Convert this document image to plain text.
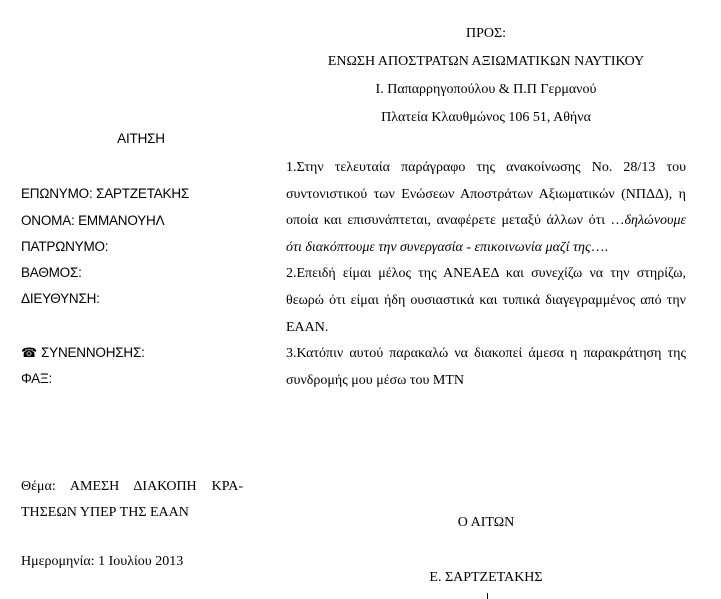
ΠΡΟΣ:
ΕΝΩΣΗ ΑΠΟΣΤΡΑΤΩΝ ΑΞΙΩΜΑΤΙΚΩΝ ΝΑΥΤΙΚΟΥ
Ι. Παπαρρηγοπούλου & Π.Π Γερμανού
Πλατεία Κλαυθμώνος 106 51, Αθήνα
ΑΙΤΗΣΗ
ΕΠΩΝΥΜΟ: ΣΑΡΤΖΕΤΑΚΗΣ
ΟΝΟΜΑ: ΕΜΜΑΝΟΥΗΛ
ΠΑΤΡΩΝΥΜΟ:
ΒΑΘΜΟΣ:
ΔΙΕΥΘΥΝΣΗ:
☎ ΣΥΝΕΝΝΟΗΣΗΣ:
ΦΑΞ:

1.Στην τελευταία παράγραφο της ανακοίνωσης Νο. 28/13 του συντονιστικού των Ενώσεων Αποστράτων Αξιωματικών (ΝΠΔΔ), η οποία και επισυνάπτεται, αναφέρετε μεταξύ άλλων ότι …δηλώνουμε ότι διακόπτουμε την συνεργασία - επικοινωνία μαζί της….

2.Επειδή είμαι μέλος της ΑΝΕΑΕΔ και συνεχίζω να την στηρίζω, θεωρώ ότι είμαι ήδη ουσιαστικά και τυπικά διαγεγραμμένος από την ΕΑΑΝ.

3.Κατόπιν αυτού παρακαλώ να διακοπεί άμεσα η παρακράτηση της συνδρομής μου μέσω του ΜΤΝ

Θέμα: ΑΜΕΣΗ ΔΙΑΚΟΠΗ ΚΡΑ-
ΤΗΣΕΩΝ ΥΠΕΡ ΤΗΣ ΕΑΑΝ
Ημερομηνία: 1 Ιουλίου 2013
Ο ΑΙΤΩΝ
Ε. ΣΑΡΤΖΕΤΑΚΗΣ
